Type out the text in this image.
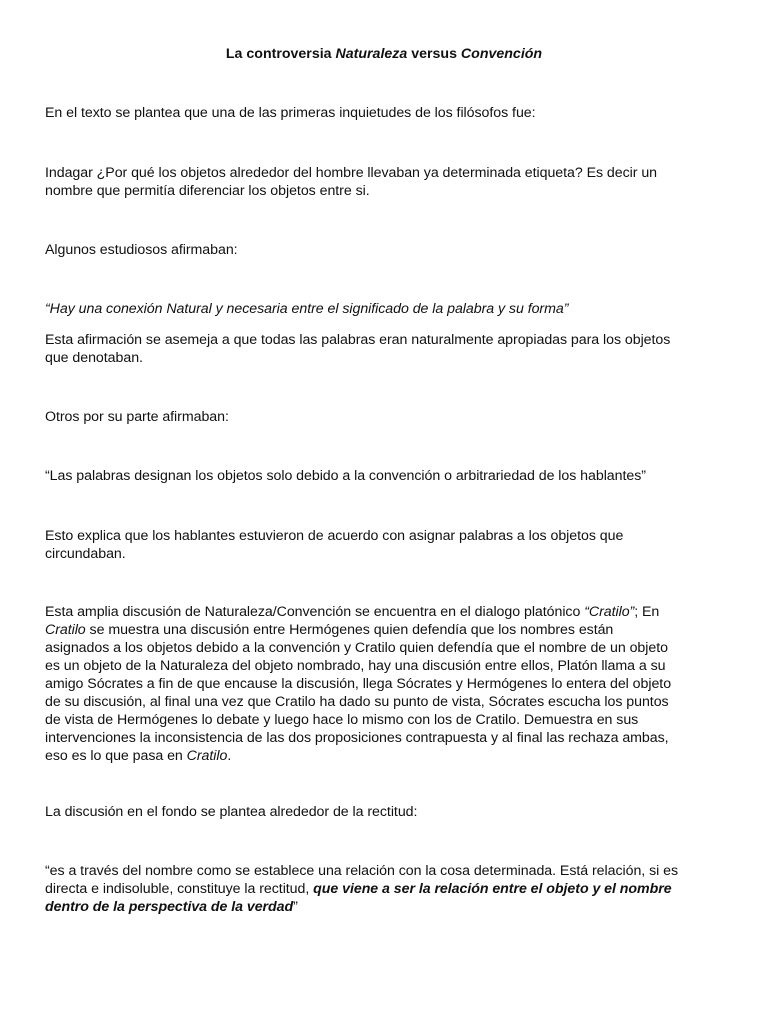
La controversia Naturaleza versus Convención

En el texto se plantea que una de las primeras inquietudes de los filósofos fue:

Indagar ¿Por qué los objetos alrededor del hombre llevaban ya determinada etiqueta? Es decir un
nombre que permitía diferenciar los objetos entre si.

Algunos estudiosos afirmaban:

“Hay una conexión Natural y necesaria entre el significado de la palabra y su forma”

Esta afirmación se asemeja a que todas las palabras eran naturalmente apropiadas para los objetos
que denotaban.

Otros por su parte afirmaban:

“Las palabras designan los objetos solo debido a la convención o arbitrariedad de los hablantes”

Esto explica que los hablantes estuvieron de acuerdo con asignar palabras a los objetos que
circundaban.
Esta amplia discusión de Naturaleza/Convención se encuentra en el dialogo platónico “Cratilo”; En
Cratilo se muestra una discusión entre Hermógenes quien defendía que los nombres están
asignados a los objetos debido a la convención y Cratilo quien defendía que el nombre de un objeto
es un objeto de la Naturaleza del objeto nombrado, hay una discusión entre ellos, Platón llama a su
amigo Sócrates a fin de que encause la discusión, llega Sócrates y Hermógenes lo entera del objeto
de su discusión, al final una vez que Cratilo ha dado su punto de vista, Sócrates escucha los puntos
de vista de Hermógenes lo debate y luego hace lo mismo con los de Cratilo. Demuestra en sus
intervenciones la inconsistencia de las dos proposiciones contrapuesta y al final las rechaza ambas,
eso es lo que pasa en Cratilo.

La discusión en el fondo se plantea alrededor de la rectitud:

“es a través del nombre como se establece una relación con la cosa determinada. Está relación, si es
directa e indisoluble, constituye la rectitud, que viene a ser la relación entre el objeto y el nombre
dentro de la perspectiva de la verdad”
